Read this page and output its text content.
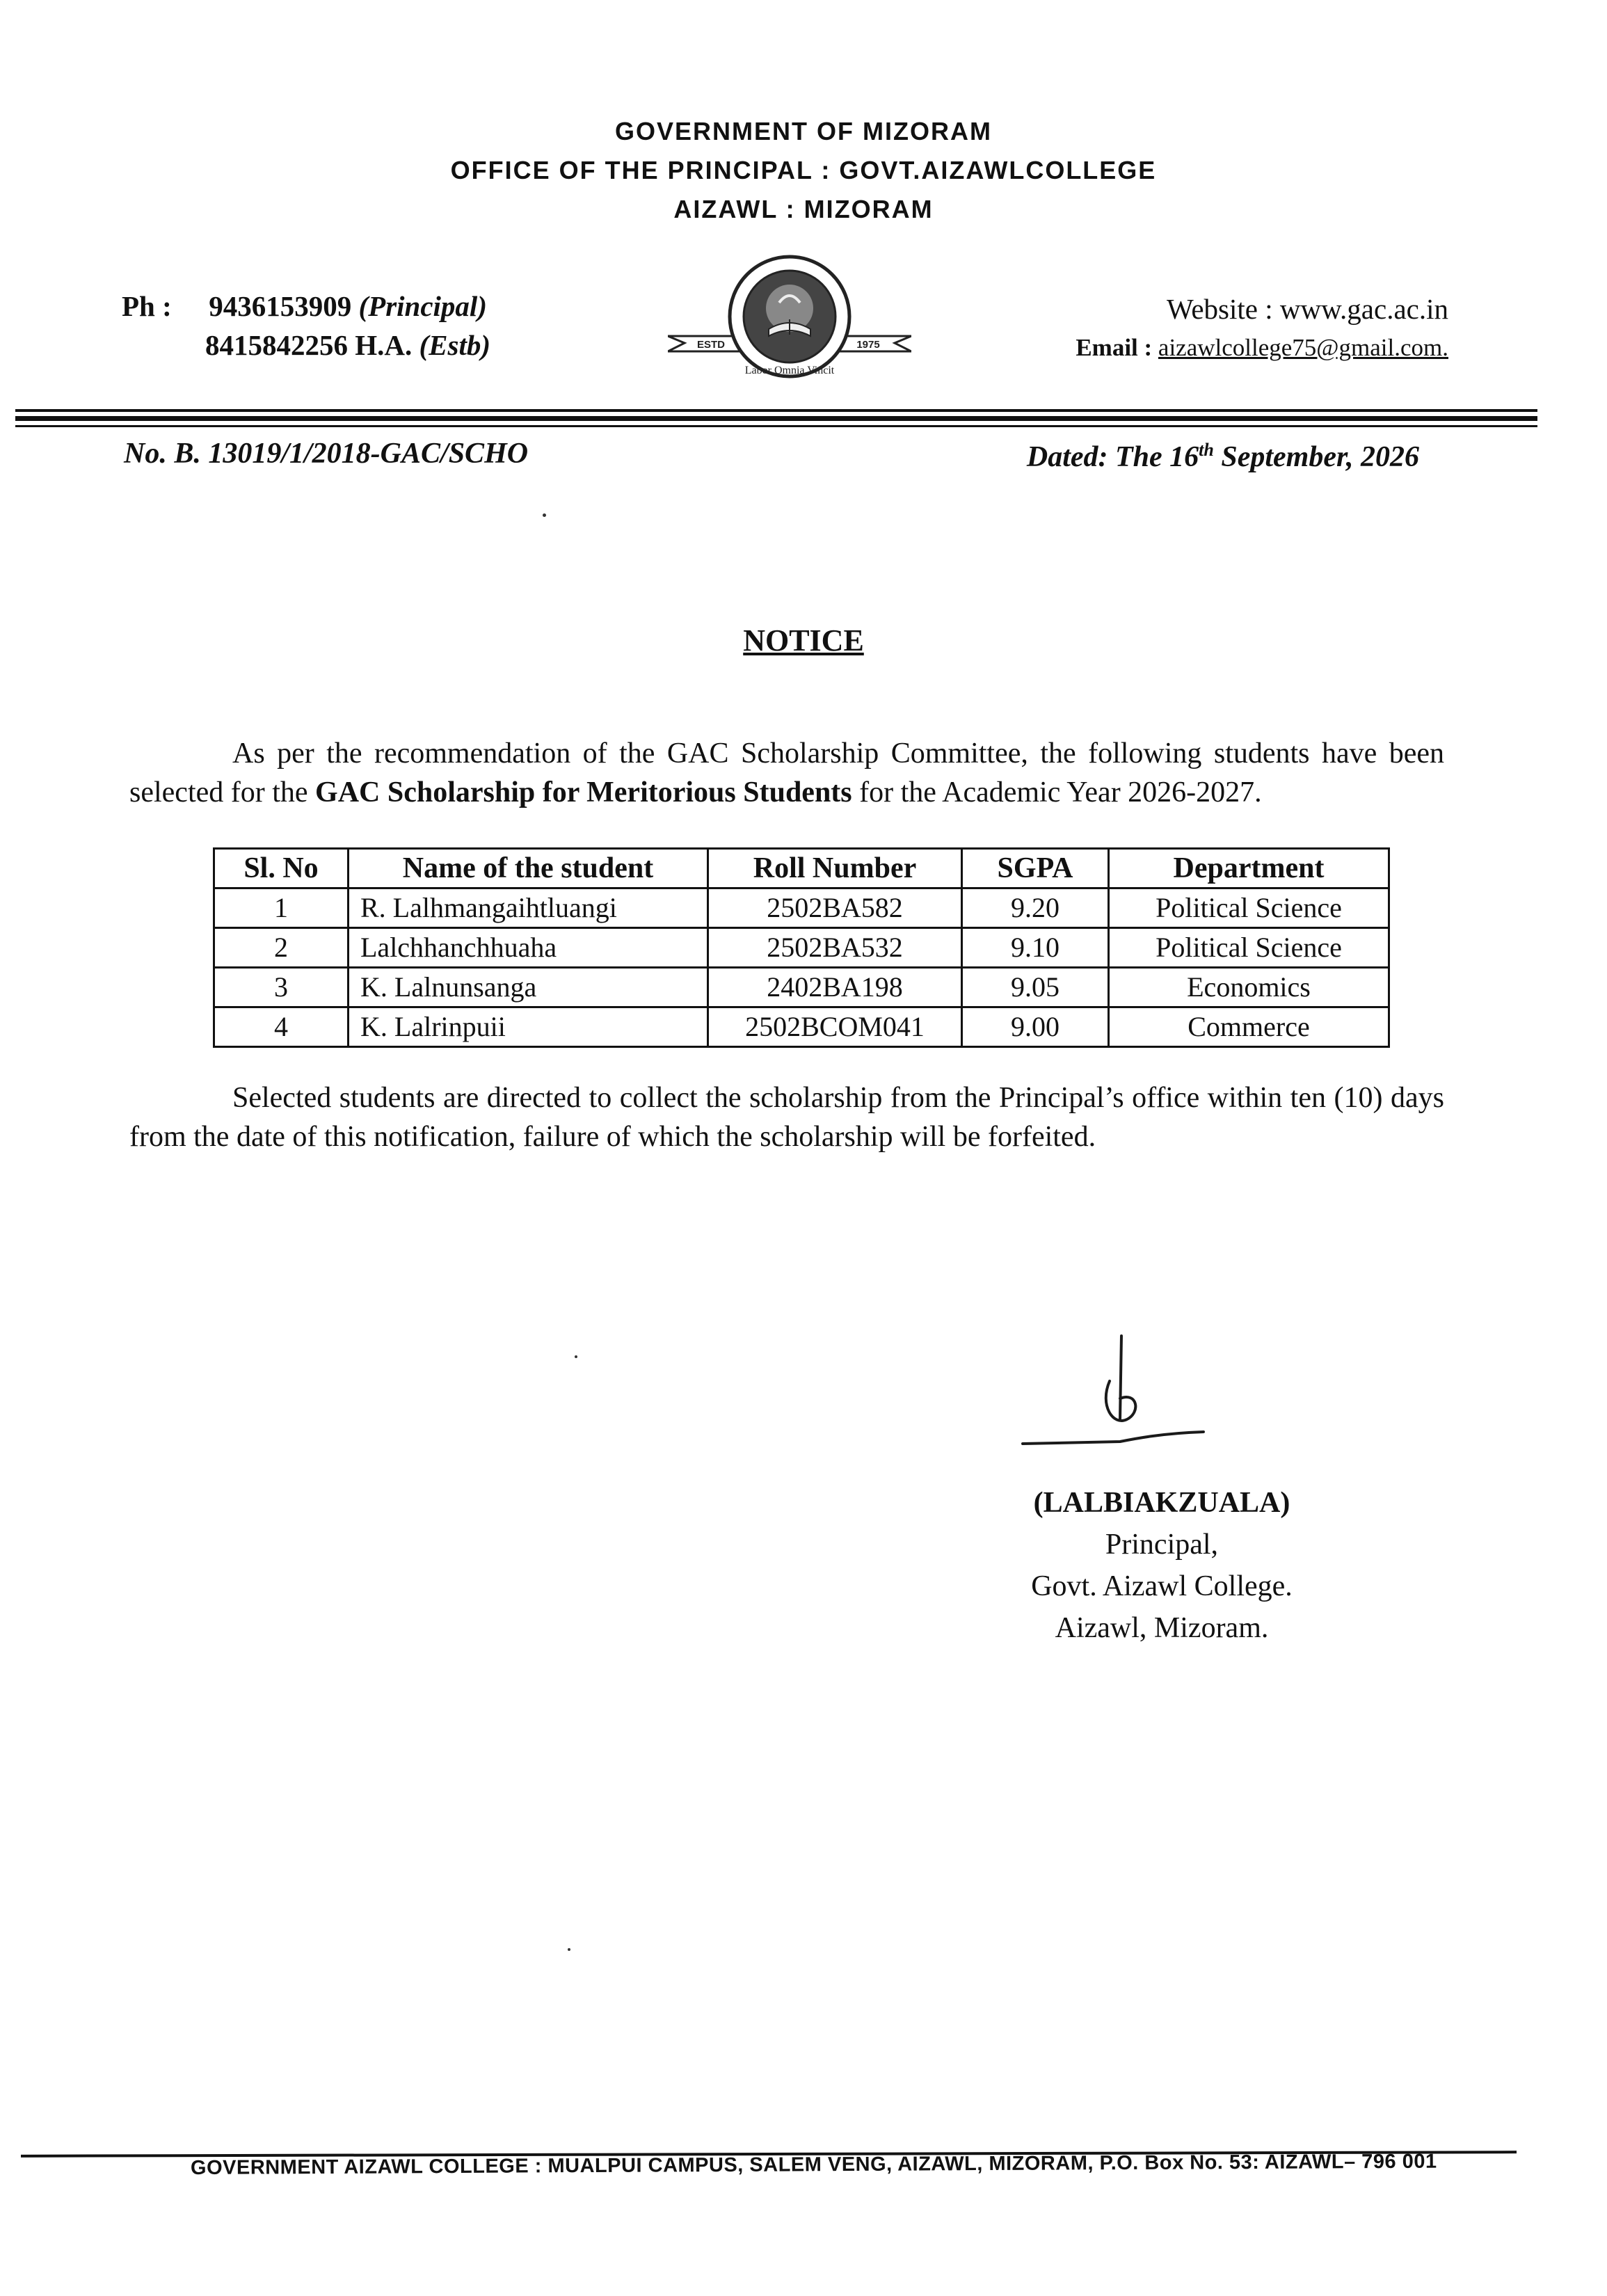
GOVERNMENT OF MIZORAM
OFFICE OF THE PRINCIPAL : GOVT.AIZAWLCOLLEGE
AIZAWL : MIZORAM
Ph : 9436153909 (Principal)
8415842256 H.A. (Estb)	ESTD	1975
Labor Omnia Vincit
Website : www.gac.ac.in
Email : aizawlcollege75@gmail.com.
No. B. 13019/1/2018-GAC/SCHO	Dated: The 16th September, 2026
NOTICE
As per the recommendation of the GAC Scholarship Committee, the following students have been selected for the GAC Scholarship for Meritorious Students for the Academic Year 2026-2027.
Sl. No	Name of the student	Roll Number	SGPA	Department
1	R. Lalhmangaihtluangi	2502BA582	9.20	Political Science
2	Lalchhanchhuaha	2502BA532	9.10	Political Science
3	K. Lalnunsanga	2402BA198	9.05	Economics
4	K. Lalrinpuii	2502BCOM041	9.00	Commerce
Selected students are directed to collect the scholarship from the Principal’s office within ten (10) days from the date of this notification, failure of which the scholarship will be forfeited.
(LALBIAKZUALA)
Principal,
Govt. Aizawl College.
Aizawl, Mizoram.
GOVERNMENT AIZAWL COLLEGE : MUALPUI CAMPUS, SALEM VENG, AIZAWL, MIZORAM, P.O. Box No. 53: AIZAWL– 796 001
